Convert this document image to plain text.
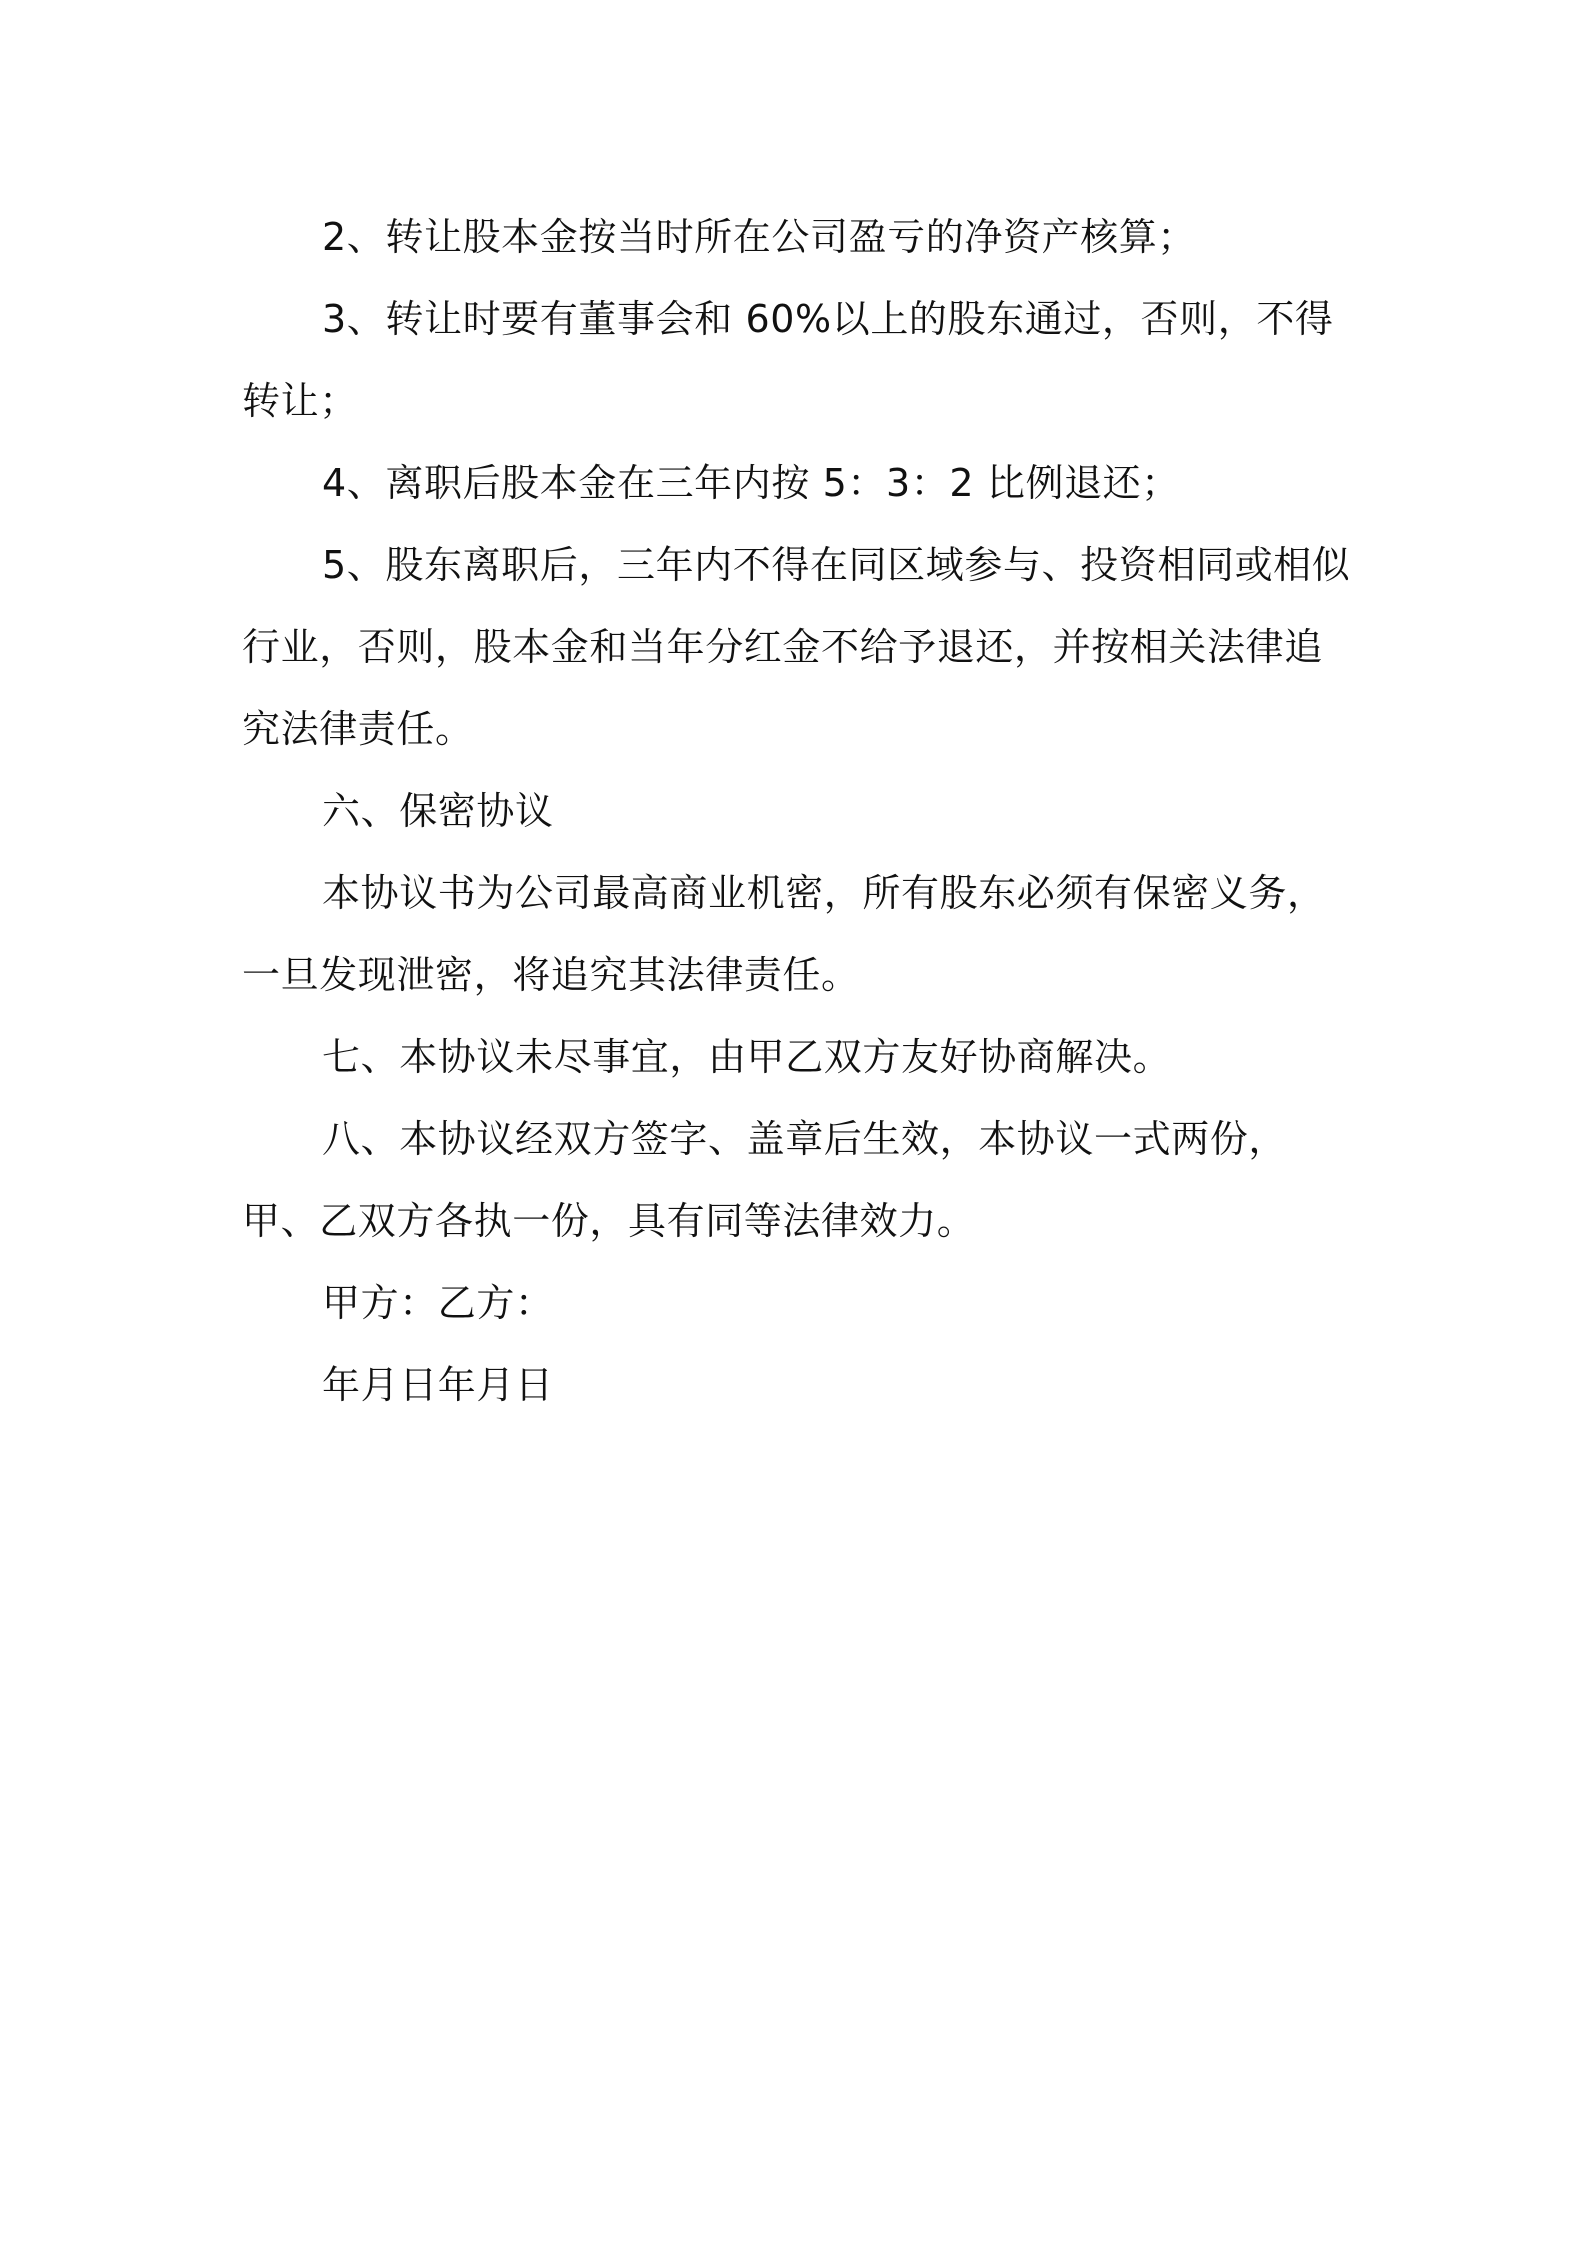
2、转让股本金按当时所在公司盈亏的净资产核算；

3、转让时要有董事会和 60%以上的股东通过，否则，不得转让；

4、离职后股本金在三年内按 5：3：2 比例退还；

5、股东离职后，三年内不得在同区域参与、投资相同或相似行业，否则，股本金和当年分红金不给予退还，并按相关法律追究法律责任。

六、保密协议

本协议书为公司最高商业机密，所有股东必须有保密义务，一旦发现泄密，将追究其法律责任。

七、本协议未尽事宜，由甲乙双方友好协商解决。

八、本协议经双方签字、盖章后生效，本协议一式两份，甲、乙双方各执一份，具有同等法律效力。

甲方：乙方：

年月日年月日
